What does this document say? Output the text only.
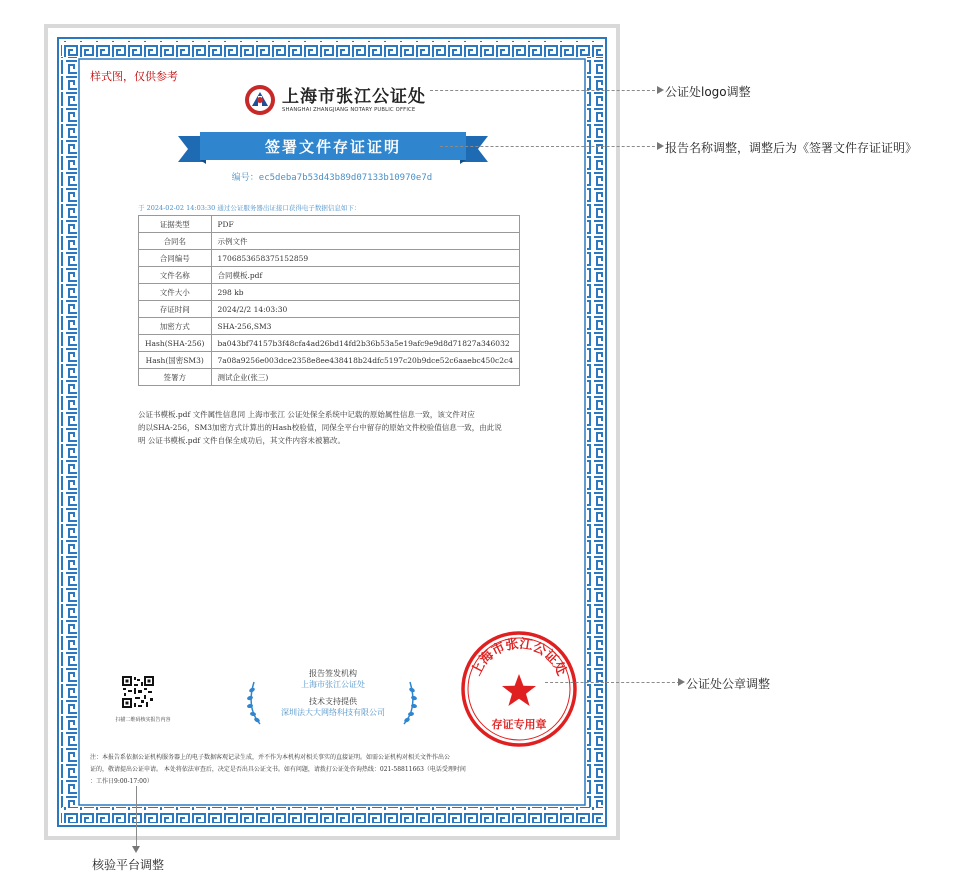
样式图，仅供参考
上海市张江公证处
SHANGHAI ZHANGJIANG NOTARY PUBLIC OFFICE
签署文件存证证明
编号：ec5deba7b53d43b89d07133b10970e7d
于 2024-02-02 14:03:30 通过公证服务器出证接口获得电子数据信息如下：
证据类型	PDF
合同名	示例文件
合同编号	1706853658375152859
文件名称	合同模板.pdf
文件大小	298 kb
存证时间	2024/2/2 14:03:30
加密方式	SHA-256,SM3
Hash(SHA-256)	ba043bf74157b3f48cfa4ad26bd14fd2b36b53a5e19afc9e9d8d71827a346032
Hash(国密SM3)	7a08a9256e003dce2358e8ee438418b24dfc5197c20b9dce52c6aaebc450c2c4
签署方	测试企业(张三)
公证书模板.pdf 文件属性信息同 上海市张江 公证处保全系统中记载的原始属性信息一致，该文件对应
的以SHA-256，SM3加密方式计算出的Hash校验值，同保全平台中留存的原始文件校验值信息一致，由此说
明 公证书模板.pdf 文件自保全成功后，其文件内容未被篡改。
扫描二维码核实报告内容
报告签发机构
上海市张江公证处
技术支持提供
深圳法大大网络科技有限公司
上海市张江公证处
存证专用章
注：本报告系依据公证机构服务器上的电子数据客观记录生成，并不作为本机构对相关事实的直接证明。如需公证机构对相关文件作出公
证的，敬请提出公证申请。 本处将依法审查后，决定是否出具公证文书。如有问题，请拨打公证处咨询热线：021-58811663（电话受理时间
：工作日9:00-17:00）
公证处logo调整
报告名称调整，调整后为《签署文件存证证明》
公证处公章调整
核验平台调整
